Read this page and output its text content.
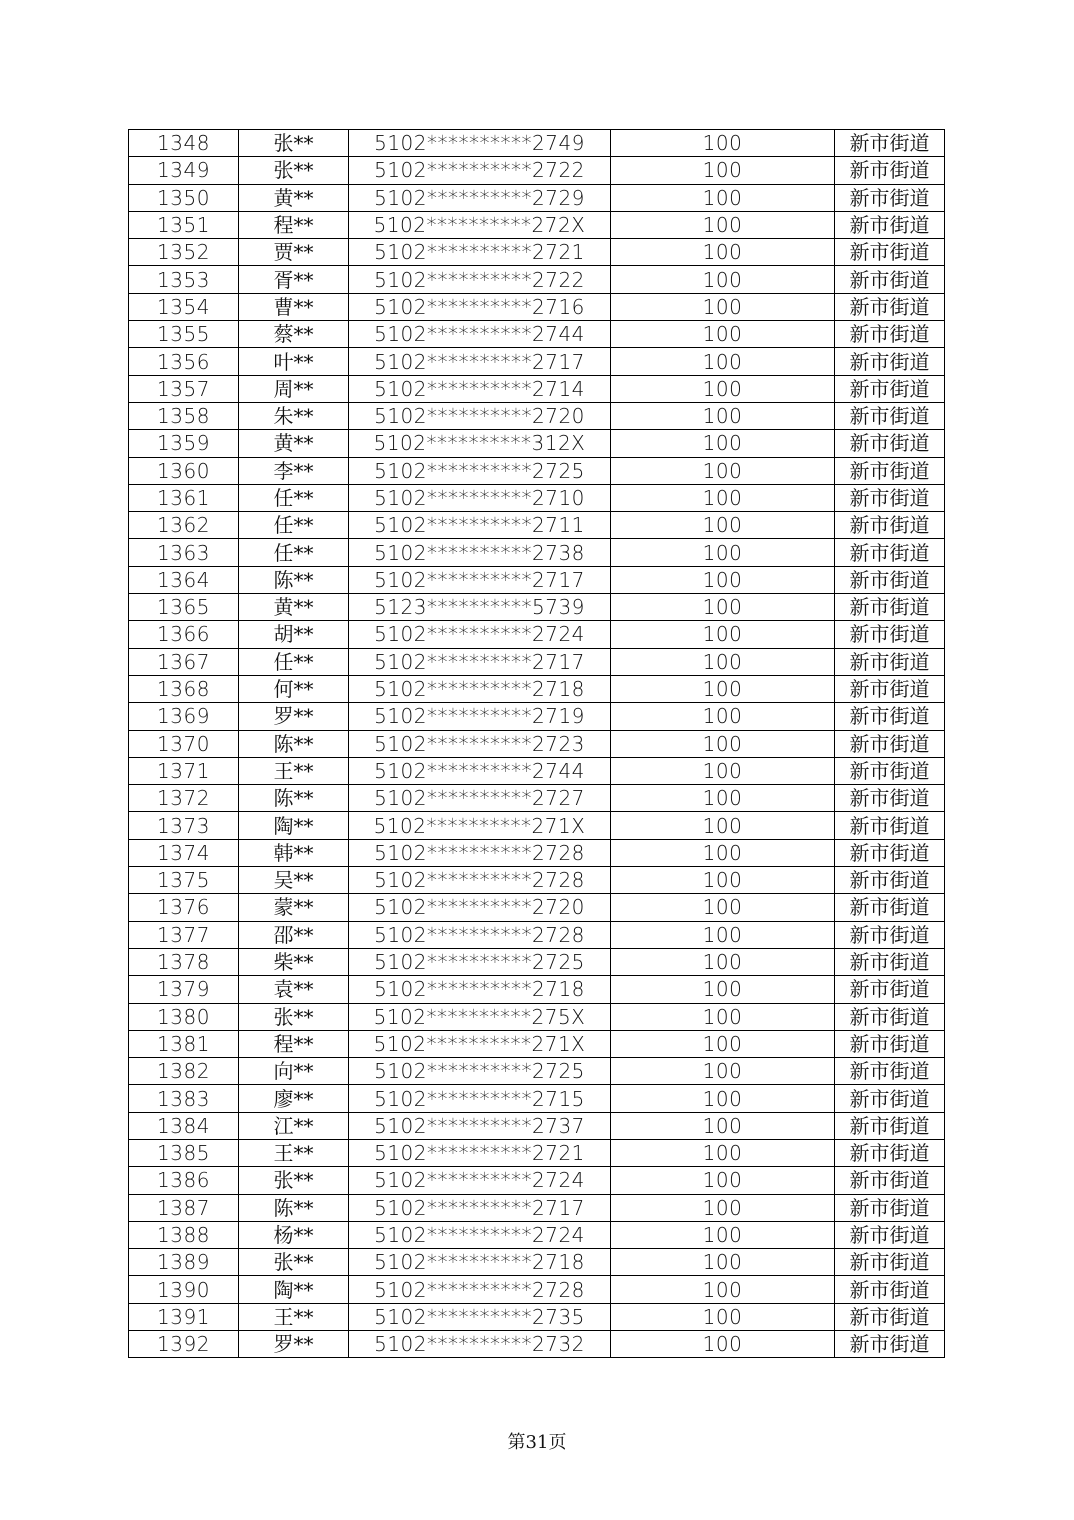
1348	张**	5102**********2749	100	新市街道
1349	张**	5102**********2722	100	新市街道
1350	黄**	5102**********2729	100	新市街道
1351	程**	5102**********272X	100	新市街道
1352	贾**	5102**********2721	100	新市街道
1353	胥**	5102**********2722	100	新市街道
1354	曹**	5102**********2716	100	新市街道
1355	蔡**	5102**********2744	100	新市街道
1356	叶**	5102**********2717	100	新市街道
1357	周**	5102**********2714	100	新市街道
1358	朱**	5102**********2720	100	新市街道
1359	黄**	5102**********312X	100	新市街道
1360	李**	5102**********2725	100	新市街道
1361	任**	5102**********2710	100	新市街道
1362	任**	5102**********2711	100	新市街道
1363	任**	5102**********2738	100	新市街道
1364	陈**	5102**********2717	100	新市街道
1365	黄**	5123**********5739	100	新市街道
1366	胡**	5102**********2724	100	新市街道
1367	任**	5102**********2717	100	新市街道
1368	何**	5102**********2718	100	新市街道
1369	罗**	5102**********2719	100	新市街道
1370	陈**	5102**********2723	100	新市街道
1371	王**	5102**********2744	100	新市街道
1372	陈**	5102**********2727	100	新市街道
1373	陶**	5102**********271X	100	新市街道
1374	韩**	5102**********2728	100	新市街道
1375	吴**	5102**********2728	100	新市街道
1376	蒙**	5102**********2720	100	新市街道
1377	邵**	5102**********2728	100	新市街道
1378	柴**	5102**********2725	100	新市街道
1379	袁**	5102**********2718	100	新市街道
1380	张**	5102**********275X	100	新市街道
1381	程**	5102**********271X	100	新市街道
1382	向**	5102**********2725	100	新市街道
1383	廖**	5102**********2715	100	新市街道
1384	江**	5102**********2737	100	新市街道
1385	王**	5102**********2721	100	新市街道
1386	张**	5102**********2724	100	新市街道
1387	陈**	5102**********2717	100	新市街道
1388	杨**	5102**********2724	100	新市街道
1389	张**	5102**********2718	100	新市街道
1390	陶**	5102**********2728	100	新市街道
1391	王**	5102**********2735	100	新市街道
1392	罗**	5102**********2732	100	新市街道
第31页
